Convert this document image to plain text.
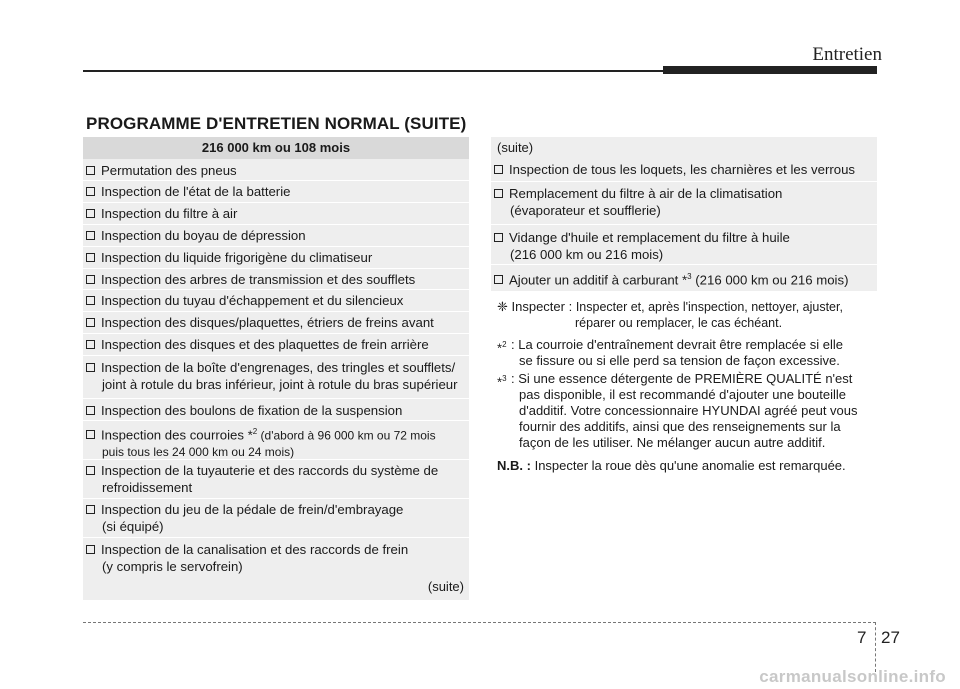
Entretien
PROGRAMME D'ENTRETIEN NORMAL (SUITE)
216 000 km ou 108 mois
Permutation des pneus
Inspection de l'état de la batterie
Inspection du filtre à air
Inspection du boyau de dépression
Inspection du liquide frigorigène du climatiseur
Inspection des arbres de transmission et des soufflets
Inspection du tuyau d'échappement et du silencieux
Inspection des disques/plaquettes, étriers de freins avant
Inspection des disques et des plaquettes de frein arrière
Inspection de la boîte d'engrenages, des tringles et soufflets/
joint à rotule du bras inférieur, joint à rotule du bras supérieur
Inspection des boulons de fixation de la suspension
Inspection des courroies *$^2$ (d'abord à 96 000 km ou 72 mois
puis tous les 24 000 km ou 24 mois)
Inspection de la tuyauterie et des raccords du système de
refroidissement
Inspection du jeu de la pédale de frein/d'embrayage
(si équipé)
Inspection de la canalisation et des raccords de frein
(y compris le servofrein)
(suite)
(suite)
Inspection de tous les loquets, les charnières et les verrous
Remplacement du filtre à air de la climatisation
(évaporateur et soufflerie)
Vidange d'huile et remplacement du filtre à huile
(216 000 km ou 216 mois)
Ajouter un additif à carburant *$^3$ (216 000 km ou 216 mois)
❈ Inspecter : Inspecter et, après l'inspection, nettoyer, ajuster,
réparer ou remplacer, le cas échéant.
*$^2$ : La courroie d'entraînement devrait être remplacée si elle
se fissure ou si elle perd sa tension de façon excessive.
*$^3$ : Si une essence détergente de PREMIÈRE QUALITÉ n'est
pas disponible, il est recommandé d'ajouter une bouteille
d'additif. Votre concessionnaire HYUNDAI agréé peut vous
fournir des additifs, ainsi que des renseignements sur la
façon de les utiliser. Ne mélanger aucun autre additif.
N.B. : Inspecter la roue dès qu'une anomalie est remarquée.
7 27
carmanualsonline.info
